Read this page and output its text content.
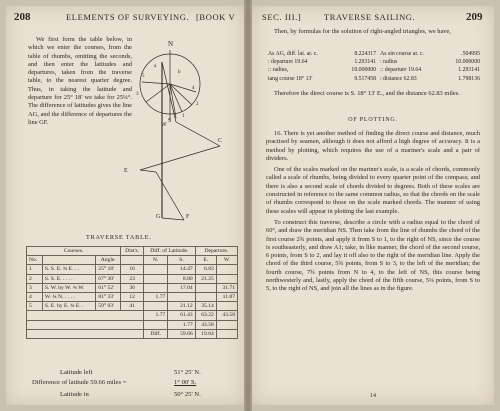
208	ELEMENTS OF SURVEYING. [BOOK V

We first form the table below, in which we enter the courses, from the table of rhumbs, omitting the seconds, and then enter the latitudes and departures, taken from the traverse table, to the nearest quarter degree. Thus, in taking the latitude and departure for 25° 18' we take for 25¼°. The difference of latitudes gives the line AG, and the difference of departures the line GF.

N
a
b
5
4
3
2
1
S
W
C
E
G	F
TRAVERSE TABLE.
Courses.			Dist's.	Diff. of Latitude.		Departure.	
No.		Angle.		N.	S.	E.	W.
1	S. S. E. ¾ E. . .	25° 18'	16		14.47	6.83	
2	S. S. E. . . . .	67° 30'	23		8.80	21.25	
3	S. W. by W. ¾ W.	61° 52'	36		17.04		31.71
4	W. ¾ N. . . . .	81° 33'	12	1.77			11.87
5	S. E. by E. ¾ E. .	59° 03'	41		21.12	35.14	
				1.77	61.43	63.22	43.58
					1.77	43.58	
				Diff.	59.66	19.64	
Latitude left	51° 25' N.
Difference of latitude 59.66 miles =	1° 00' S.
Latitude in	50° 25' N.
SEC. III.]	TRAVERSE SAILING.	209

Then, by formulas for the solution of right-angled triangles, we have,

As AG, diff. lat. ar. c.	8.224317	As sin course ar. c.	.504995
: departure 19.64	1.293141	: radius	10.000000
:: radius,	10.000000	:: departure 19.64	1.293141
tang course 18° 13'	9.517458	: distance 62.83	1.798136

Therefore the direct course is S. 18° 13' E., and the distance 62.83 miles.

OF PLOTTING.

16. There is yet another method of finding the direct course and distance, much practised by seamen, although it does not afford a high degree of accuracy. It is a method by plotting, which requires the use of a mariner's scale and a pair of dividers.

One of the scales marked on the mariner's scale, is a scale of chords, commonly called a scale of rhumbs, being divided to every quarter point of the compass; and there is also a second scale of chords divided to degrees. Both of these scales are constructed in reference to the same common radius, so that the chords on the scale of rhumbs correspond to those on the scale marked chords. The manner of using these scales will appear in plotting the last example.

To construct this traverse, describe a circle with a radius equal to the chord of 60°, and draw the meridian NS. Then take from the line of rhumbs the chord of the first course 2¾ points, and apply it from S to 1, to the right of NS, since the course is southeasterly, and draw A1; take, in like manner, the chord of the second course, 6 points, from S to 2, and lay it off also to the right of the meridian line. Apply the chord of the third course, 5¾ points, from S to 3, to the left of the meridian; the fourth course, 7¾ points from N to 4, to the left of NS, this course being northwesterly and, lastly, apply the chord of the fifth course, 5¼ points, from S to 5, to the right of NS, and join all the lines as in the figure.

14
